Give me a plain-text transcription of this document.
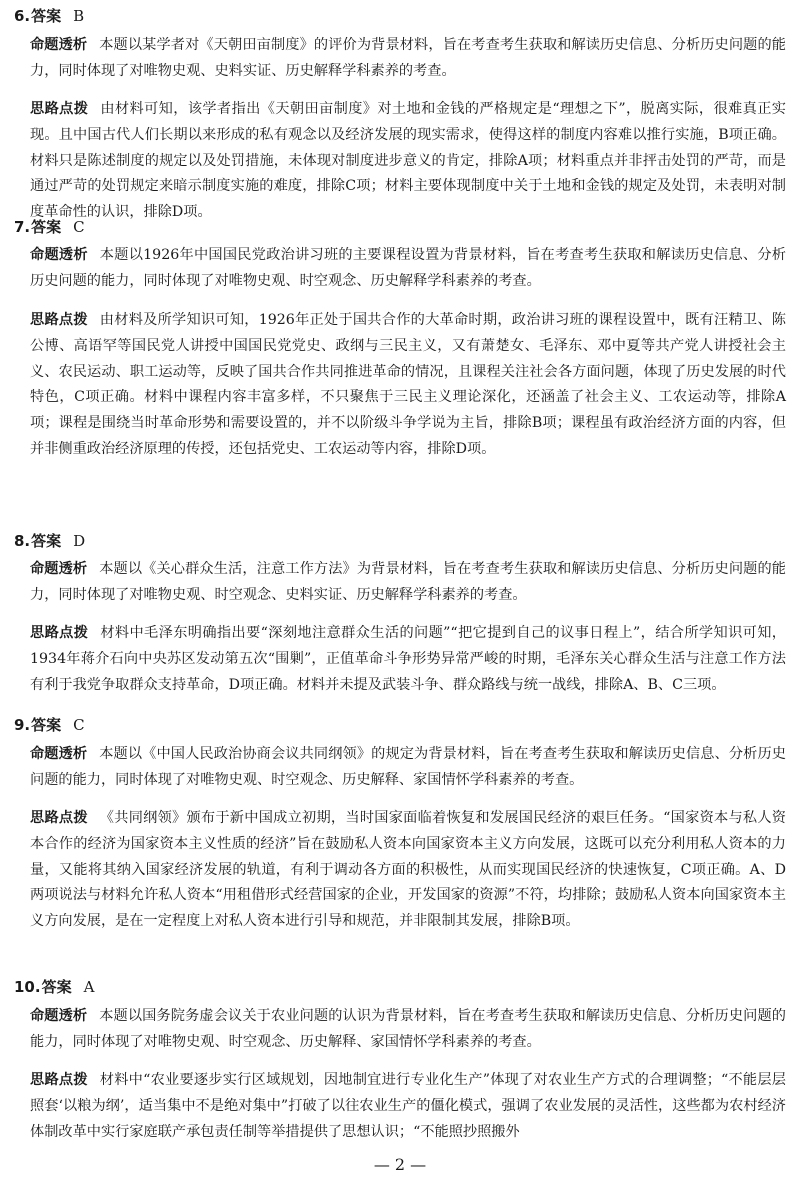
6.答案 B
命题透析 本题以某学者对《天朝田亩制度》的评价为背景材料，旨在考查考生获取和解读历史信息、分析历史问题的能力，同时体现了对唯物史观、史料实证、历史解释学科素养的考查。
思路点拨 由材料可知，该学者指出《天朝田亩制度》对土地和金钱的严格规定是“理想之下”，脱离实际，很难真正实现。且中国古代人们长期以来形成的私有观念以及经济发展的现实需求，使得这样的制度内容难以推行实施，B项正确。材料只是陈述制度的规定以及处罚措施，未体现对制度进步意义的肯定，排除A项；材料重点并非抨击处罚的严苛，而是通过严苛的处罚规定来暗示制度实施的难度，排除C项；材料主要体现制度中关于土地和金钱的规定及处罚，未表明对制度革命性的认识，排除D项。
7.答案 C
命题透析 本题以1926年中国国民党政治讲习班的主要课程设置为背景材料，旨在考查考生获取和解读历史信息、分析历史问题的能力，同时体现了对唯物史观、时空观念、历史解释学科素养的考查。
思路点拨 由材料及所学知识可知，1926年正处于国共合作的大革命时期，政治讲习班的课程设置中，既有汪精卫、陈公博、高语罕等国民党人讲授中国国民党党史、政纲与三民主义，又有萧楚女、毛泽东、邓中夏等共产党人讲授社会主义、农民运动、职工运动等，反映了国共合作共同推进革命的情况，且课程关注社会各方面问题，体现了历史发展的时代特色，C项正确。材料中课程内容丰富多样，不只聚焦于三民主义理论深化，还涵盖了社会主义、工农运动等，排除A项；课程是围绕当时革命形势和需要设置的，并不以阶级斗争学说为主旨，排除B项；课程虽有政治经济方面的内容，但并非侧重政治经济原理的传授，还包括党史、工农运动等内容，排除D项。
8.答案 D
命题透析 本题以《关心群众生活，注意工作方法》为背景材料，旨在考查考生获取和解读历史信息、分析历史问题的能力，同时体现了对唯物史观、时空观念、史料实证、历史解释学科素养的考查。
思路点拨 材料中毛泽东明确指出要“深刻地注意群众生活的问题”“把它提到自己的议事日程上”，结合所学知识可知，1934年蒋介石向中央苏区发动第五次“围剿”，正值革命斗争形势异常严峻的时期，毛泽东关心群众生活与注意工作方法有利于我党争取群众支持革命，D项正确。材料并未提及武装斗争、群众路线与统一战线，排除A、B、C三项。
9.答案 C
命题透析 本题以《中国人民政治协商会议共同纲领》的规定为背景材料，旨在考查考生获取和解读历史信息、分析历史问题的能力，同时体现了对唯物史观、时空观念、历史解释、家国情怀学科素养的考查。
思路点拨 《共同纲领》颁布于新中国成立初期，当时国家面临着恢复和发展国民经济的艰巨任务。“国家资本与私人资本合作的经济为国家资本主义性质的经济”旨在鼓励私人资本向国家资本主义方向发展，这既可以充分利用私人资本的力量，又能将其纳入国家经济发展的轨道，有利于调动各方面的积极性，从而实现国民经济的快速恢复，C项正确。A、D两项说法与材料允许私人资本“用租借形式经营国家的企业，开发国家的资源”不符，均排除；鼓励私人资本向国家资本主义方向发展，是在一定程度上对私人资本进行引导和规范，并非限制其发展，排除B项。
10.答案 A
命题透析 本题以国务院务虚会议关于农业问题的认识为背景材料，旨在考查考生获取和解读历史信息、分析历史问题的能力，同时体现了对唯物史观、时空观念、历史解释、家国情怀学科素养的考查。
思路点拨 材料中“农业要逐步实行区域规划，因地制宜进行专业化生产”体现了对农业生产方式的合理调整；“不能层层照套‘以粮为纲’，适当集中不是绝对集中”打破了以往农业生产的僵化模式，强调了农业发展的灵活性，这些都为农村经济体制改革中实行家庭联产承包责任制等举措提供了思想认识；“不能照抄照搬外
— 2 —
